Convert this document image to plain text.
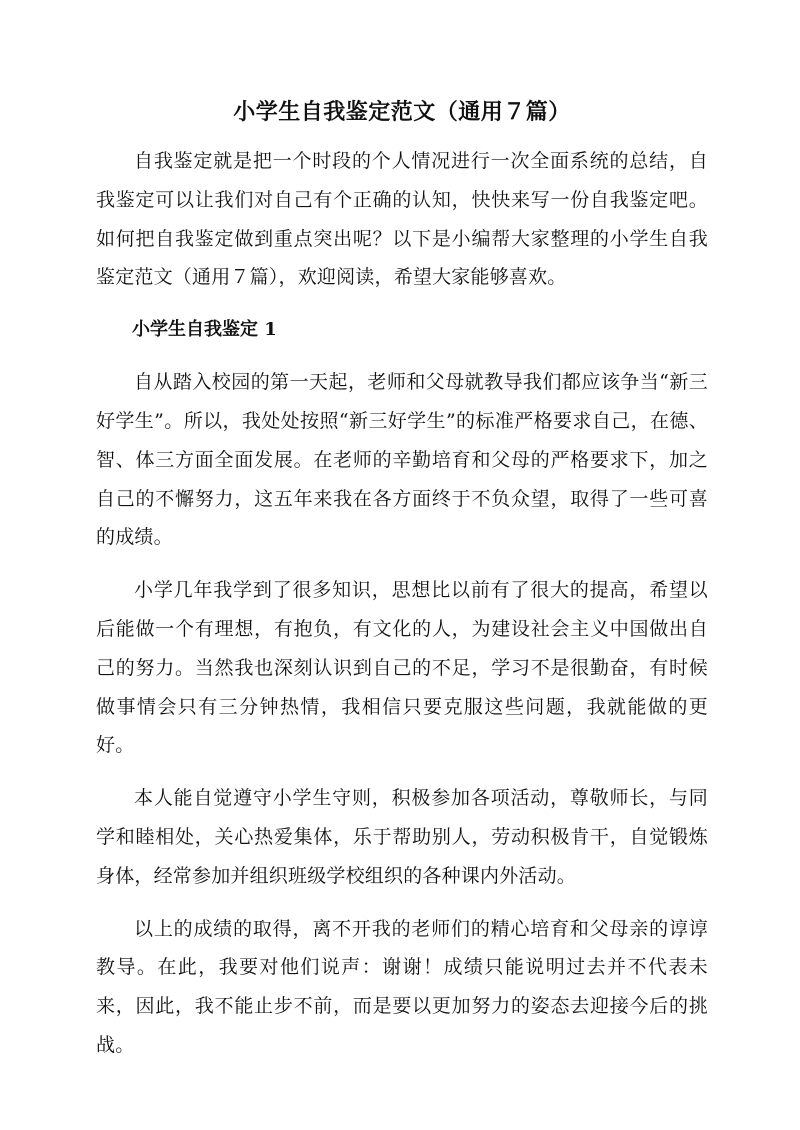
小学生自我鉴定范文（通用７篇）

自我鉴定就是把一个时段的个人情况进行一次全面系统的总结，自我鉴定可以让我们对自己有个正确的认知，快快来写一份自我鉴定吧。如何把自我鉴定做到重点突出呢？以下是小编帮大家整理的小学生自我鉴定范文（通用７篇），欢迎阅读，希望大家能够喜欢。

小学生自我鉴定 1

自从踏入校园的第一天起，老师和父母就教导我们都应该争当“新三好学生”。所以，我处处按照“新三好学生”的标准严格要求自己，在德、智、体三方面全面发展。在老师的辛勤培育和父母的严格要求下，加之自己的不懈努力，这五年来我在各方面终于不负众望，取得了一些可喜的成绩。

小学几年我学到了很多知识，思想比以前有了很大的提高，希望以后能做一个有理想，有抱负，有文化的人，为建设社会主义中国做出自己的努力。当然我也深刻认识到自己的不足，学习不是很勤奋，有时候做事情会只有三分钟热情，我相信只要克服这些问题，我就能做的更好。

本人能自觉遵守小学生守则，积极参加各项活动，尊敬师长，与同学和睦相处，关心热爱集体，乐于帮助别人，劳动积极肯干，自觉锻炼身体，经常参加并组织班级学校组织的各种课内外活动。

以上的成绩的取得，离不开我的老师们的精心培育和父母亲的谆谆教导。在此，我要对他们说声：谢谢！成绩只能说明过去并不代表未来，因此，我不能止步不前，而是要以更加努力的姿态去迎接今后的挑战。
